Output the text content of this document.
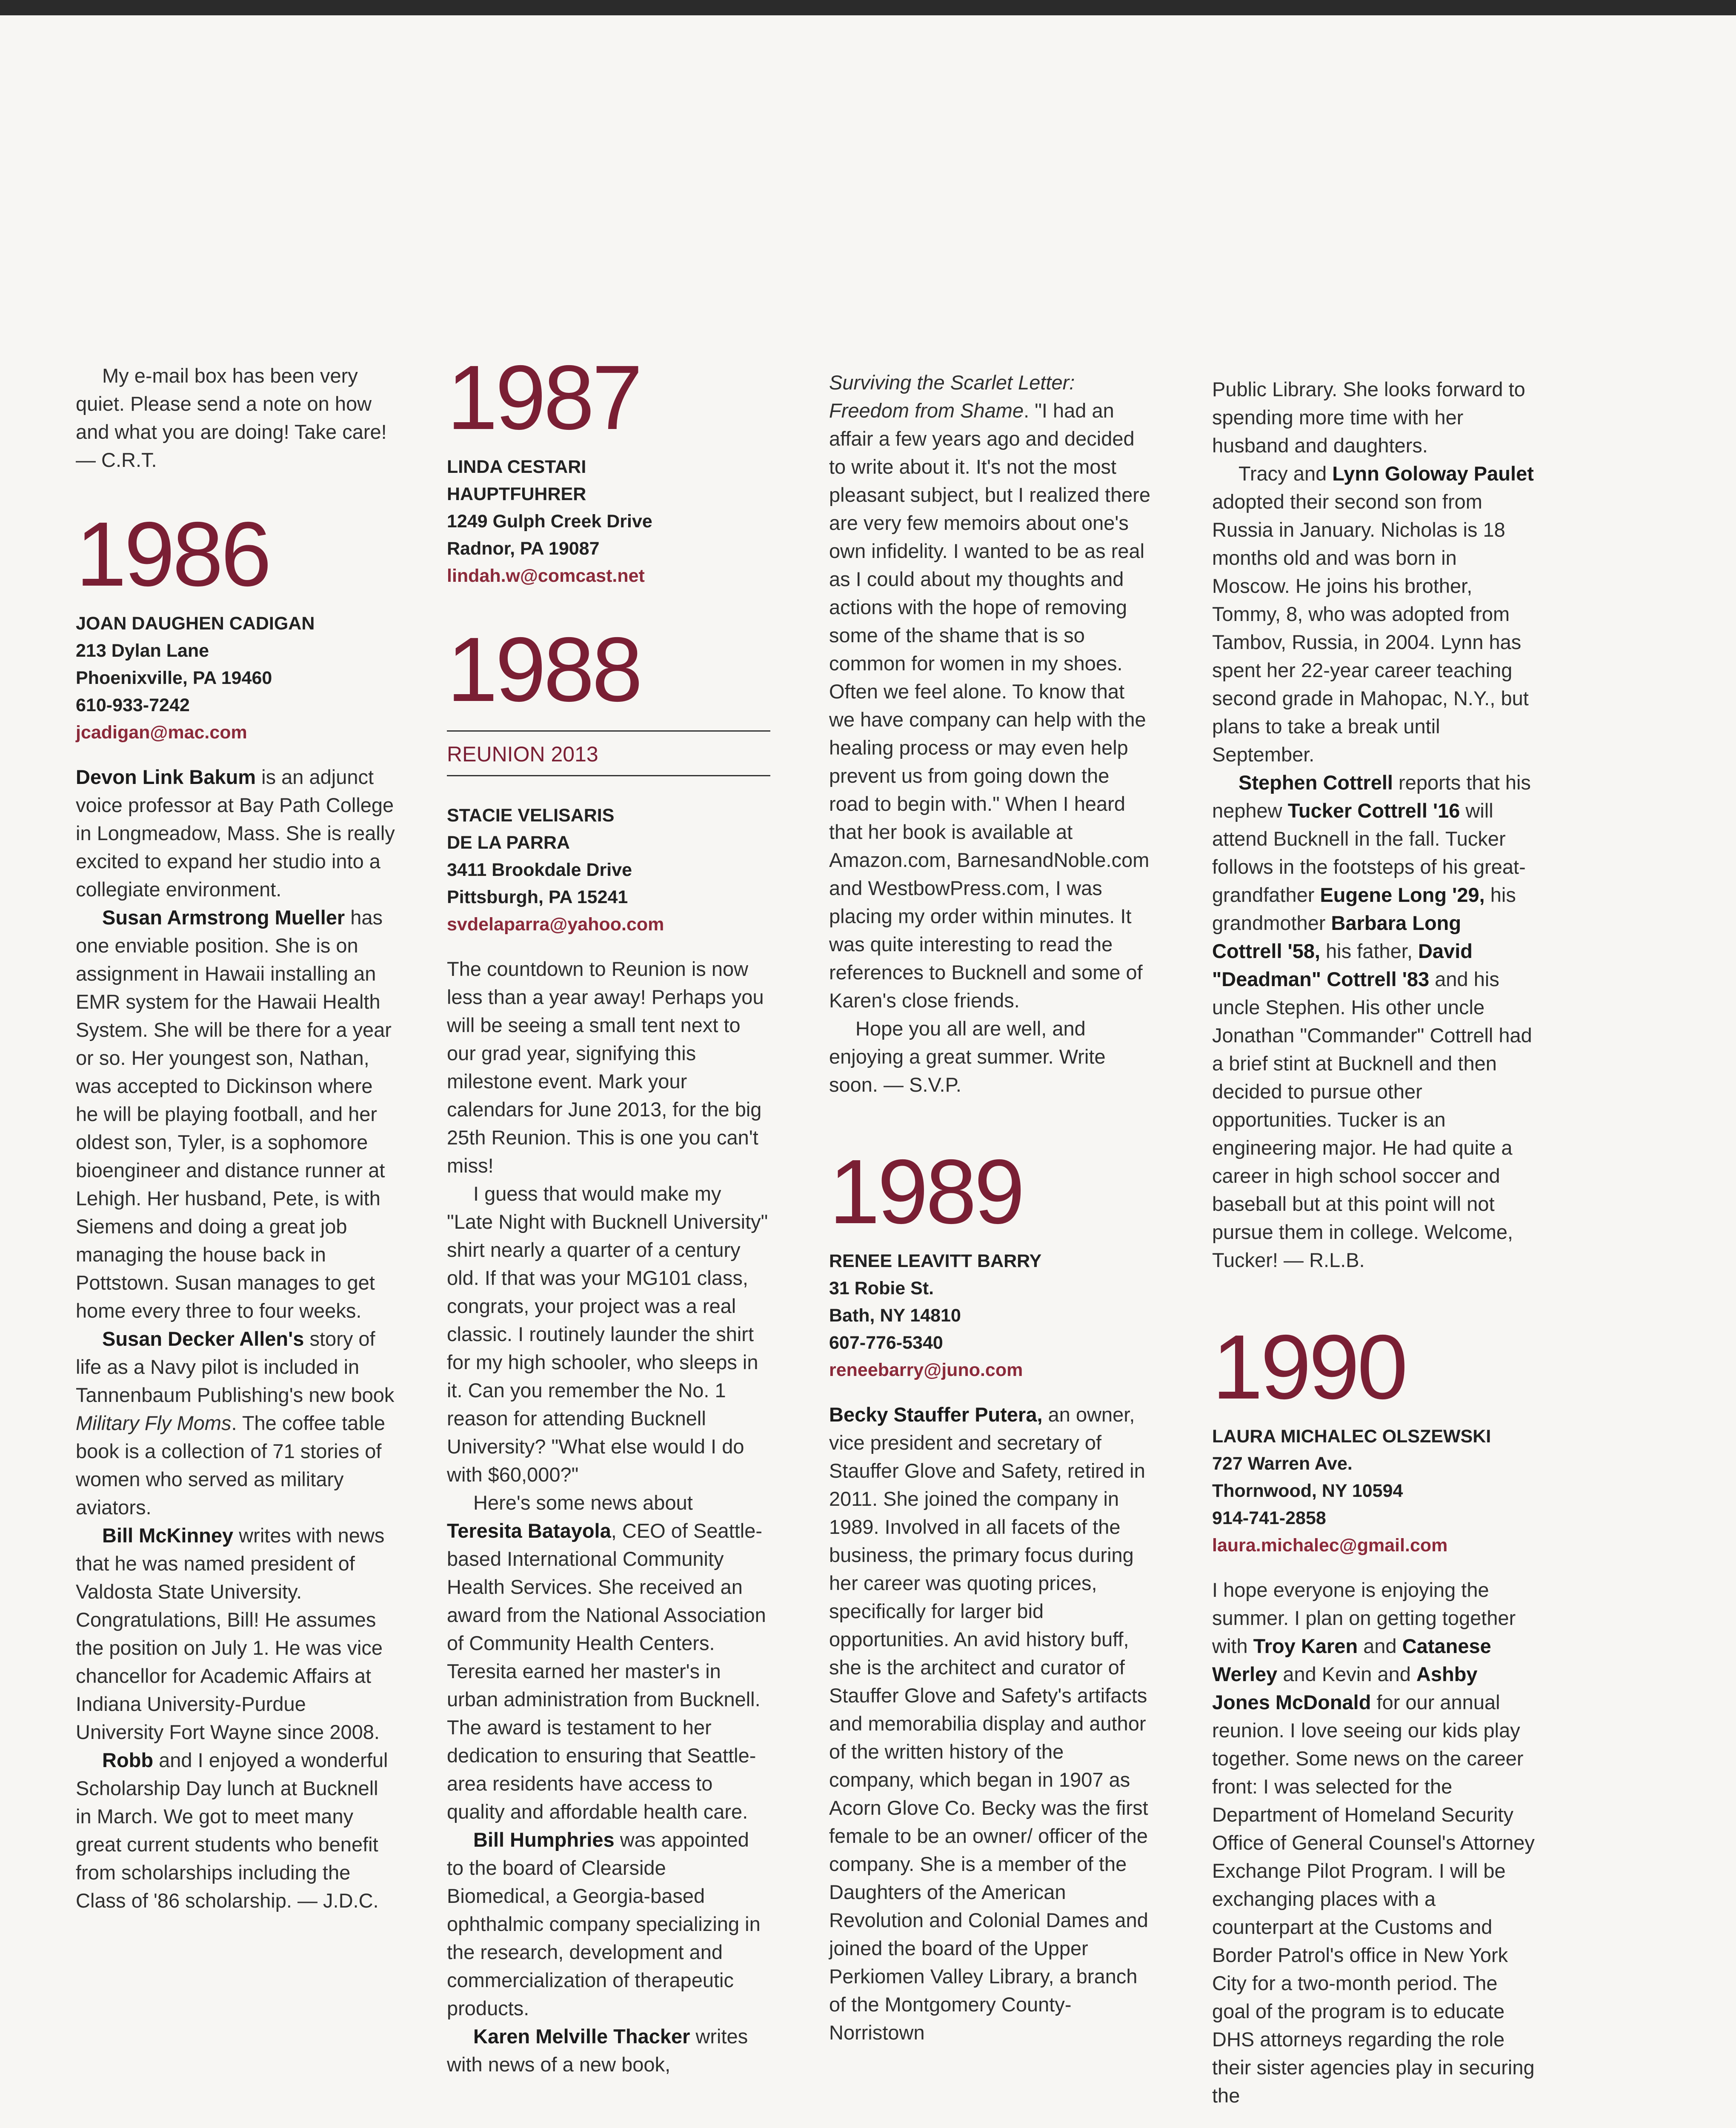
My e-mail box has been very quiet. Please send a note on how and what you are doing! Take care! — C.R.T.

1986
JOAN DAUGHEN CADIGAN
213 Dylan Lane
Phoenixville, PA 19460
610-933-7242
jcadigan@mac.com

Devon Link Bakum is an adjunct voice professor at Bay Path College in Longmeadow, Mass. She is really excited to expand her studio into a collegiate environment.

Susan Armstrong Mueller has one enviable position. She is on assignment in Hawaii installing an EMR system for the Hawaii Health System. She will be there for a year or so. Her youngest son, Nathan, was accepted to Dickinson where he will be playing football, and her oldest son, Tyler, is a sophomore bioengineer and distance runner at Lehigh. Her husband, Pete, is with Siemens and doing a great job managing the house back in Pottstown. Susan manages to get home every three to four weeks.

Susan Decker Allen's story of life as a Navy pilot is included in Tannenbaum Publishing's new book Military Fly Moms. The coffee table book is a collection of 71 stories of women who served as military aviators.

Bill McKinney writes with news that he was named president of Valdosta State University. Congratulations, Bill! He assumes the position on July 1. He was vice chancellor for Academic Affairs at Indiana University-Purdue University Fort Wayne since 2008.

Robb and I enjoyed a wonderful Scholarship Day lunch at Bucknell in March. We got to meet many great current students who benefit from scholarships including the Class of '86 scholarship. — J.D.C.

1987
LINDA CESTARI
HAUPTFUHRER
1249 Gulph Creek Drive
Radnor, PA 19087
lindah.w@comcast.net
1988
REUNION 2013
STACIE VELISARIS
DE LA PARRA
3411 Brookdale Drive
Pittsburgh, PA 15241
svdelaparra@yahoo.com

The countdown to Reunion is now less than a year away! Perhaps you will be seeing a small tent next to our grad year, signifying this milestone event. Mark your calendars for June 2013, for the big 25th Reunion. This is one you can't miss!

I guess that would make my "Late Night with Bucknell University" shirt nearly a quarter of a century old. If that was your MG101 class, congrats, your project was a real classic. I routinely launder the shirt for my high schooler, who sleeps in it. Can you remember the No. 1 reason for attending Bucknell University? "What else would I do with $60,000?"

Here's some news about Teresita Batayola, CEO of Seattle-based International Community Health Services. She received an award from the National Association of Community Health Centers. Teresita earned her master's in urban administration from Bucknell. The award is testament to her dedication to ensuring that Seattle-area residents have access to quality and affordable health care.

Bill Humphries was appointed to the board of Clearside Biomedical, a Georgia-based ophthalmic company specializing in the research, development and commercialization of therapeutic products.

Karen Melville Thacker writes with news of a new book,

Surviving the Scarlet Letter: Freedom from Shame. "I had an affair a few years ago and decided to write about it. It's not the most pleasant subject, but I realized there are very few memoirs about one's own infidelity. I wanted to be as real as I could about my thoughts and actions with the hope of removing some of the shame that is so common for women in my shoes. Often we feel alone. To know that we have company can help with the healing process or may even help prevent us from going down the road to begin with." When I heard that her book is available at Amazon.com, BarnesandNoble.com and WestbowPress.com, I was placing my order within minutes. It was quite interesting to read the references to Bucknell and some of Karen's close friends.

Hope you all are well, and enjoying a great summer. Write soon. — S.V.P.

1989
RENEE LEAVITT BARRY
31 Robie St.
Bath, NY 14810
607-776-5340
reneebarry@juno.com

Becky Stauffer Putera, an owner, vice president and secretary of Stauffer Glove and Safety, retired in 2011. She joined the company in 1989. Involved in all facets of the business, the primary focus during her career was quoting prices, specifically for larger bid opportunities. An avid history buff, she is the architect and curator of Stauffer Glove and Safety's artifacts and memorabilia display and author of the written history of the company, which began in 1907 as Acorn Glove Co. Becky was the first female to be an owner/ officer of the company. She is a member of the Daughters of the American Revolution and Colonial Dames and joined the board of the Upper Perkiomen Valley Library, a branch of the Montgomery County-Norristown

Public Library. She looks forward to spending more time with her husband and daughters.

Tracy and Lynn Goloway Paulet adopted their second son from Russia in January. Nicholas is 18 months old and was born in Moscow. He joins his brother, Tommy, 8, who was adopted from Tambov, Russia, in 2004. Lynn has spent her 22-year career teaching second grade in Mahopac, N.Y., but plans to take a break until September.

Stephen Cottrell reports that his nephew Tucker Cottrell '16 will attend Bucknell in the fall. Tucker follows in the footsteps of his great-grandfather Eugene Long '29, his grandmother Barbara Long Cottrell '58, his father, David "Deadman" Cottrell '83 and his uncle Stephen. His other uncle Jonathan "Commander" Cottrell had a brief stint at Bucknell and then decided to pursue other opportunities. Tucker is an engineering major. He had quite a career in high school soccer and baseball but at this point will not pursue them in college. Welcome, Tucker! — R.L.B.

1990
LAURA MICHALEC OLSZEWSKI
727 Warren Ave.
Thornwood, NY 10594
914-741-2858
laura.michalec@gmail.com

I hope everyone is enjoying the summer. I plan on getting together with Troy Karen and Catanese Werley and Kevin and Ashby Jones McDonald for our annual reunion. I love seeing our kids play together. Some news on the career front: I was selected for the Department of Homeland Security Office of General Counsel's Attorney Exchange Pilot Program. I will be exchanging places with a counterpart at the Customs and Border Patrol's office in New York City for a two-month period. The goal of the program is to educate DHS attorneys regarding the role their sister agencies play in securing the
